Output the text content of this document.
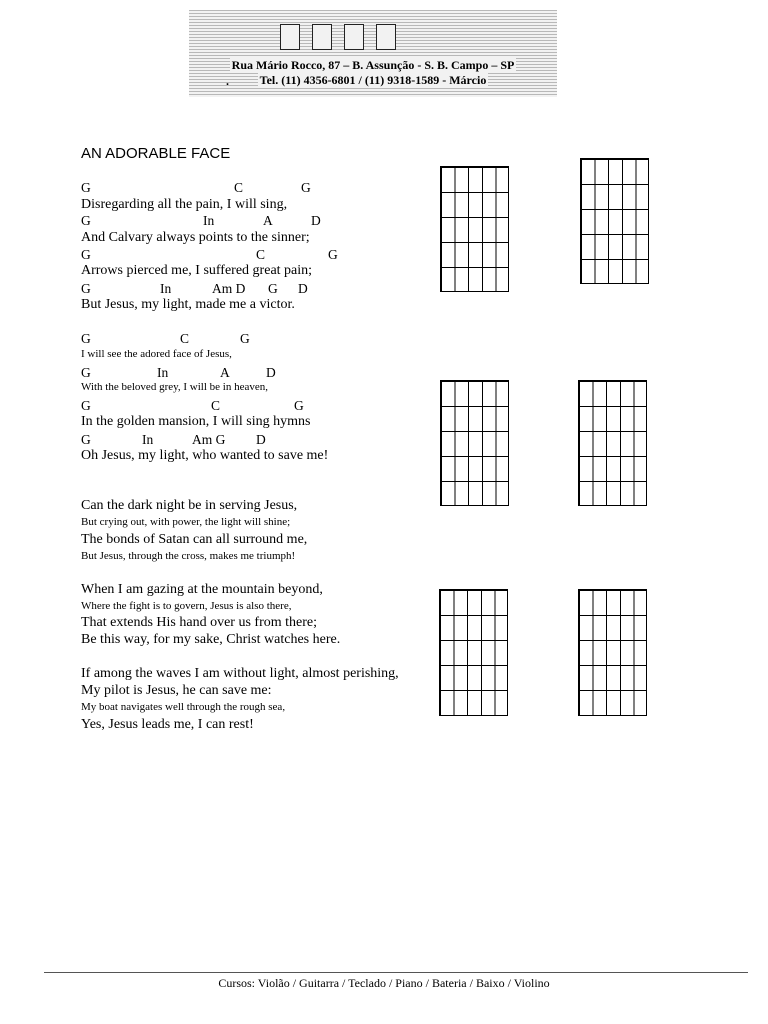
Rua Mário Rocco, 87 – B. Assunção - S. B. Campo – SP
Tel. (11) 4356-6801 / (11) 9318-1589 - Márcio
.
AN ADORABLE FACE
G	C	G
Disregarding all the pain, I will sing,
G	In	A	D
And Calvary always points to the sinner;
G	C	G
Arrows pierced me, I suffered great pain;
G	In	Am D G D
But Jesus, my light, made me a victor.
G	C	G
I will see the adored face of Jesus,
G	In	A	D
With the beloved grey, I will be in heaven,
G	C	G
In the golden mansion, I will sing hymns
G	In	Am G D
Oh Jesus, my light, who wanted to save me!
Can the dark night be in serving Jesus,
But crying out, with power, the light will shine;
The bonds of Satan can all surround me,
But Jesus, through the cross, makes me triumph!
When I am gazing at the mountain beyond,
Where the fight is to govern, Jesus is also there,
That extends His hand over us from there;
Be this way, for my sake, Christ watches here.
If among the waves I am without light, almost perishing,
My pilot is Jesus, he can save me:
My boat navigates well through the rough sea,
Yes, Jesus leads me, I can rest!
Cursos: Violão / Guitarra / Teclado / Piano / Bateria / Baixo / Violino
